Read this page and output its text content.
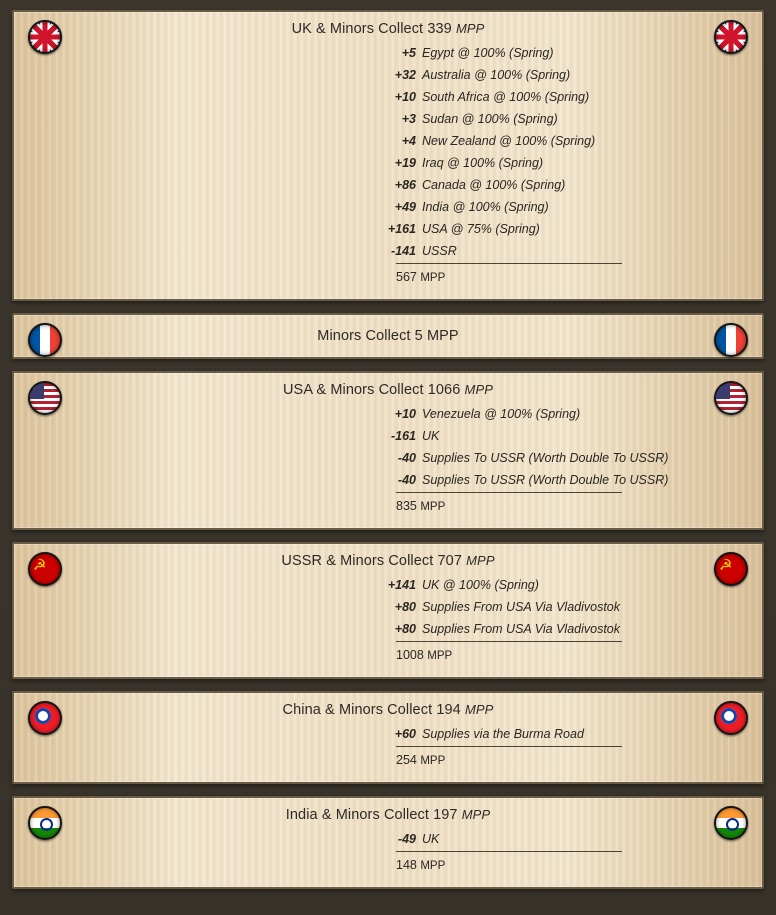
UK & Minors Collect 339 MPP
+5 Egypt @ 100% (Spring)
+32 Australia @ 100% (Spring)
+10 South Africa @ 100% (Spring)
+3 Sudan @ 100% (Spring)
+4 New Zealand @ 100% (Spring)
+19 Iraq @ 100% (Spring)
+86 Canada @ 100% (Spring)
+49 India @ 100% (Spring)
+161 USA @ 75% (Spring)
-141 USSR
567 MPP
Minors Collect 5 MPP
USA & Minors Collect 1066 MPP
+10 Venezuela @ 100% (Spring)
-161 UK
-40 Supplies To USSR (Worth Double To USSR)
-40 Supplies To USSR (Worth Double To USSR)
835 MPP
☭
☭
USSR & Minors Collect 707 MPP
+141 UK @ 100% (Spring)
+80 Supplies From USA Via Vladivostok
+80 Supplies From USA Via Vladivostok
1008 MPP
China & Minors Collect 194 MPP
+60 Supplies via the Burma Road
254 MPP
India & Minors Collect 197 MPP
-49 UK
148 MPP
